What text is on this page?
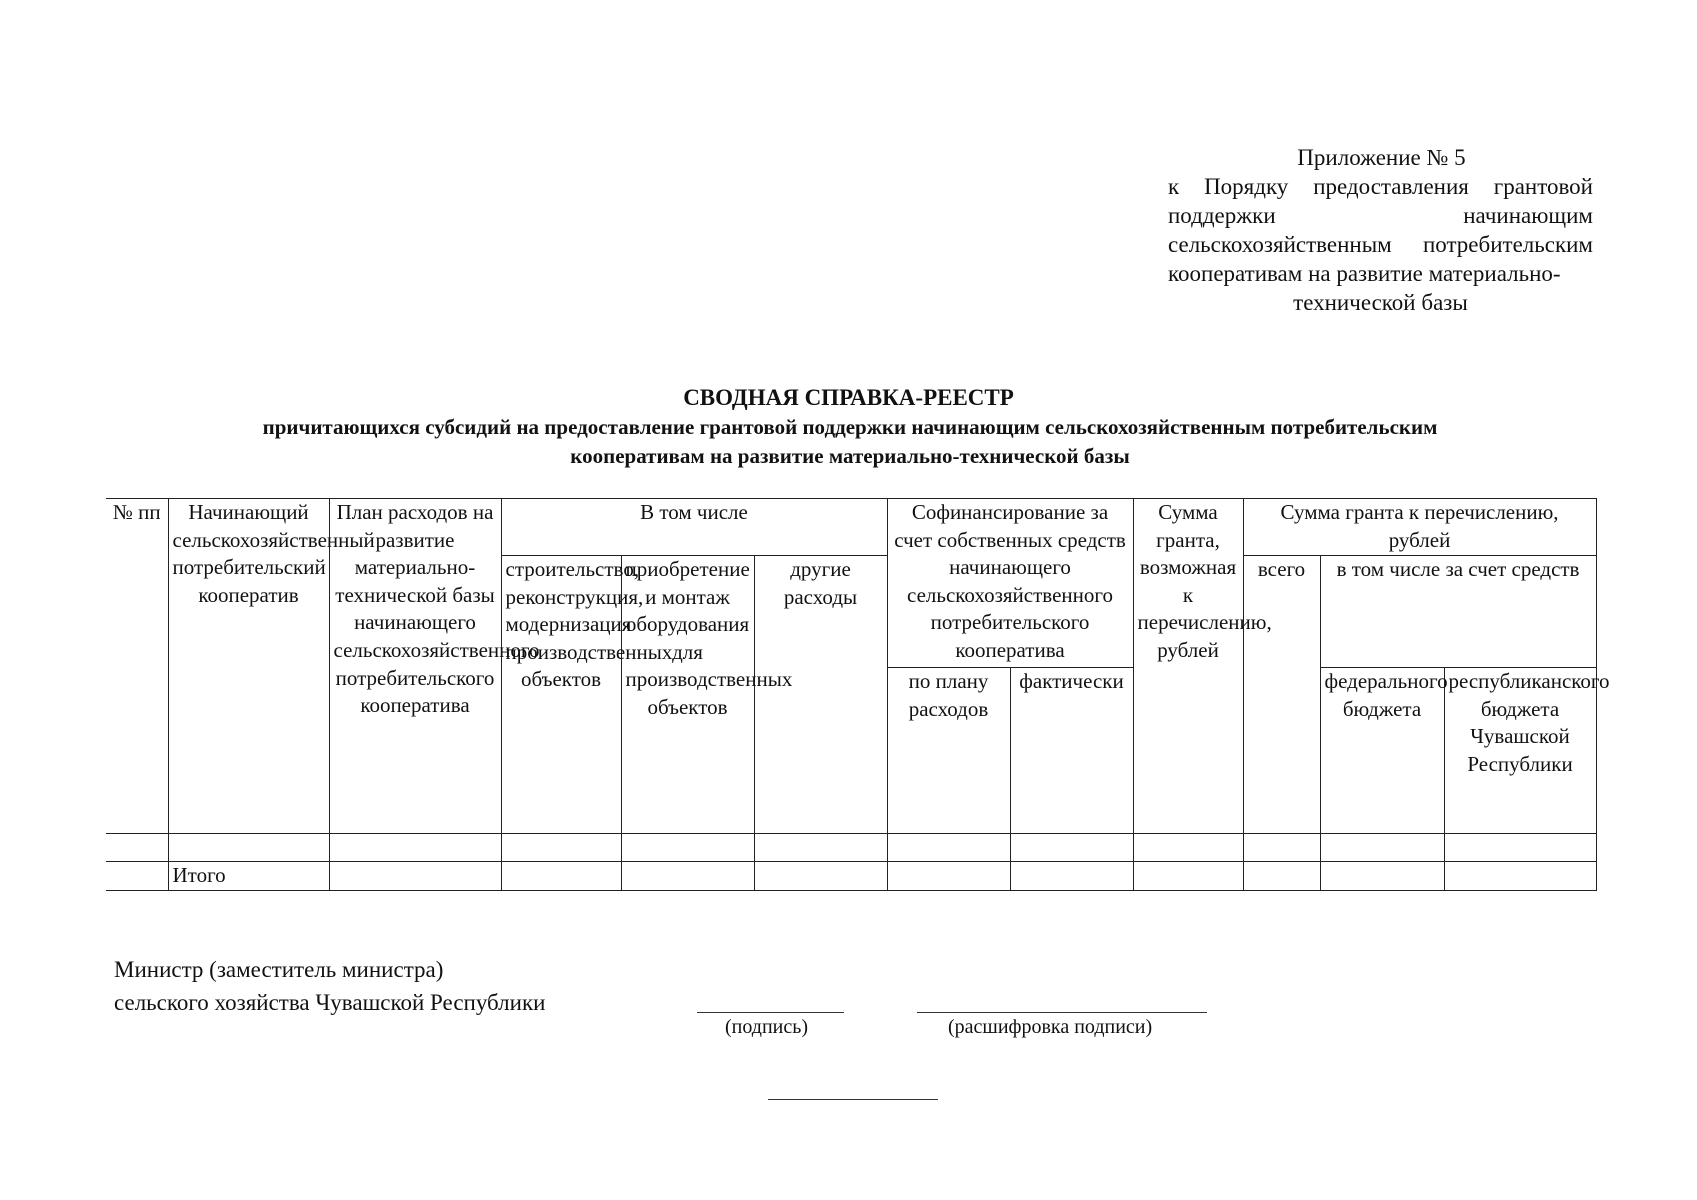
Приложение № 5
к Порядку предоставления грантовой поддержки начинающим сельскохозяйственным потребительским кооперативам на развитие материально-
технической базы
СВОДНАЯ СПРАВКА-РЕЕСТР
причитающихся субсидий на предоставление грантовой поддержки начинающим сельскохозяйственным потребительским кооперативам на развитие материально-технической базы
№ пп	Начинающий сельскохозяйственный потребительский кооператив	План расходов на развитие материально-технической базы начинающего сельскохозяйственного потребительского кооператива	В том числе			Софинансирование за счет собственных средств начинающего сельскохозяйственного потребительского кооператива		Сумма гранта, возможная к перечислению, рублей	Сумма гранта к перечислению, рублей		
			строительство, реконструкция, модернизация производственных объектов	приобретение и монтаж оборудования для производственных объектов	другие расходы				всего	в том числе за счет средств	
						по плану расходов	фактически			федерального бюджета	республиканского бюджета Чувашской Республики

	Итого										
Министр (заместитель министра)
сельского хозяйства Чувашской Республики
(подпись)	(расшифровка подписи)
